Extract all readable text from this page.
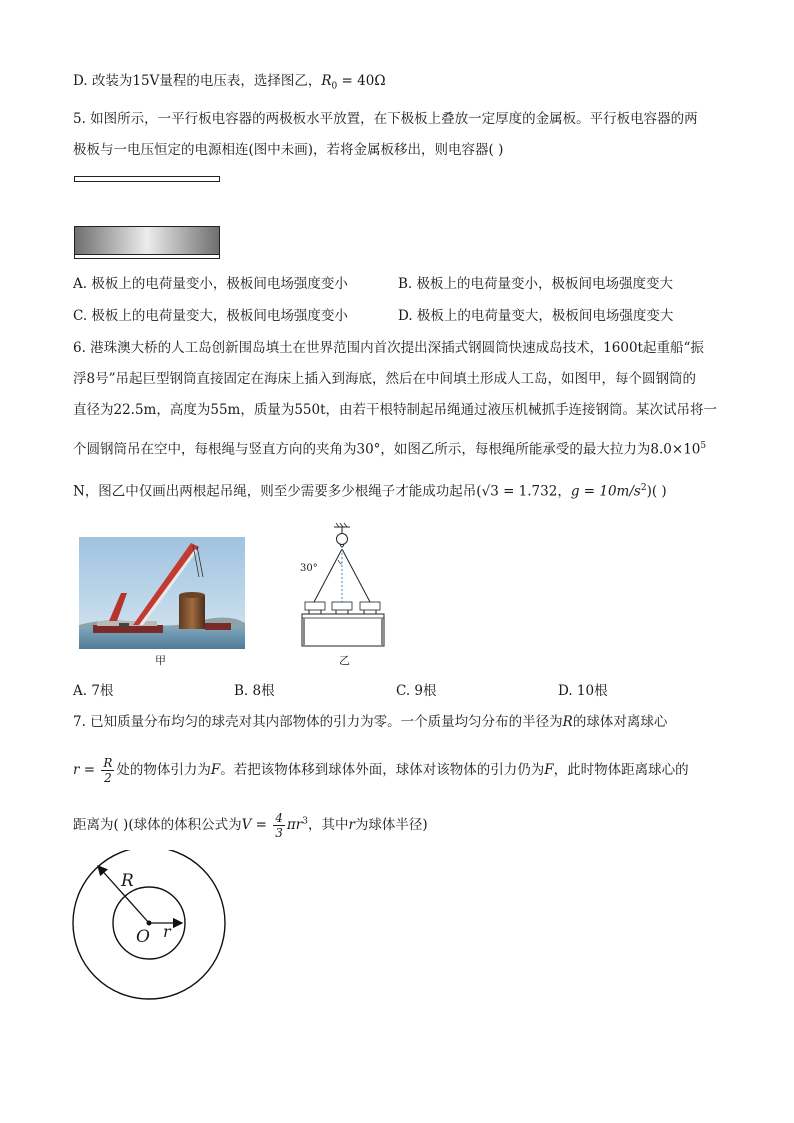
D. 改装为15V量程的电压表，选择图乙，$R_0 = 40\Omega$
5. 如图所示，一平行板电容器的两极板水平放置，在下极板上叠放一定厚度的金属板。平行板电容器的两
极板与一电压恒定的电源相连(图中未画)，若将金属板移出，则电容器( )
A. 极板上的电荷量变小，极板间电场强度变小	B. 极板上的电荷量变小，极板间电场强度变大
C. 极板上的电荷量变大，极板间电场强度变小	D. 极板上的电荷量变大，极板间电场强度变大
6. 港珠澳大桥的人工岛创新围岛填土在世界范围内首次提出深插式钢圆筒快速成岛技术，1600t起重船“振
浮8号”吊起巨型钢筒直接固定在海床上插入到海底，然后在中间填土形成人工岛，如图甲，每个圆钢筒的
直径为22.5m，高度为55m，质量为550t，由若干根特制起吊绳通过液压机械抓手连接钢筒。某次试吊将一
个圆钢筒吊在空中，每根绳与竖直方向的夹角为30°，如图乙所示，每根绳所能承受的最大拉力为$8.0\times 10^5$
N，图乙中仅画出两根起吊绳，则至少需要多少根绳子才能成功起吊(√3 = 1.732，$g = 10m/s^2$)( )
甲
30°
乙
A. 7根	B. 8根	C. 9根	D. 10根
7. 已知质量分布均匀的球壳对其内部物体的引力为零。一个质量均匀分布的半径为R的球体对离球心
$r = \frac{R}{2}$ 处的物体引力为F。若把该物体移到球体外面，球体对该物体的引力仍为F，此时物体距离球心的
距离为( )(球体的体积公式为$V = \frac{4}{3} \pi r^3$，其中r为球体半径)
R
O r
